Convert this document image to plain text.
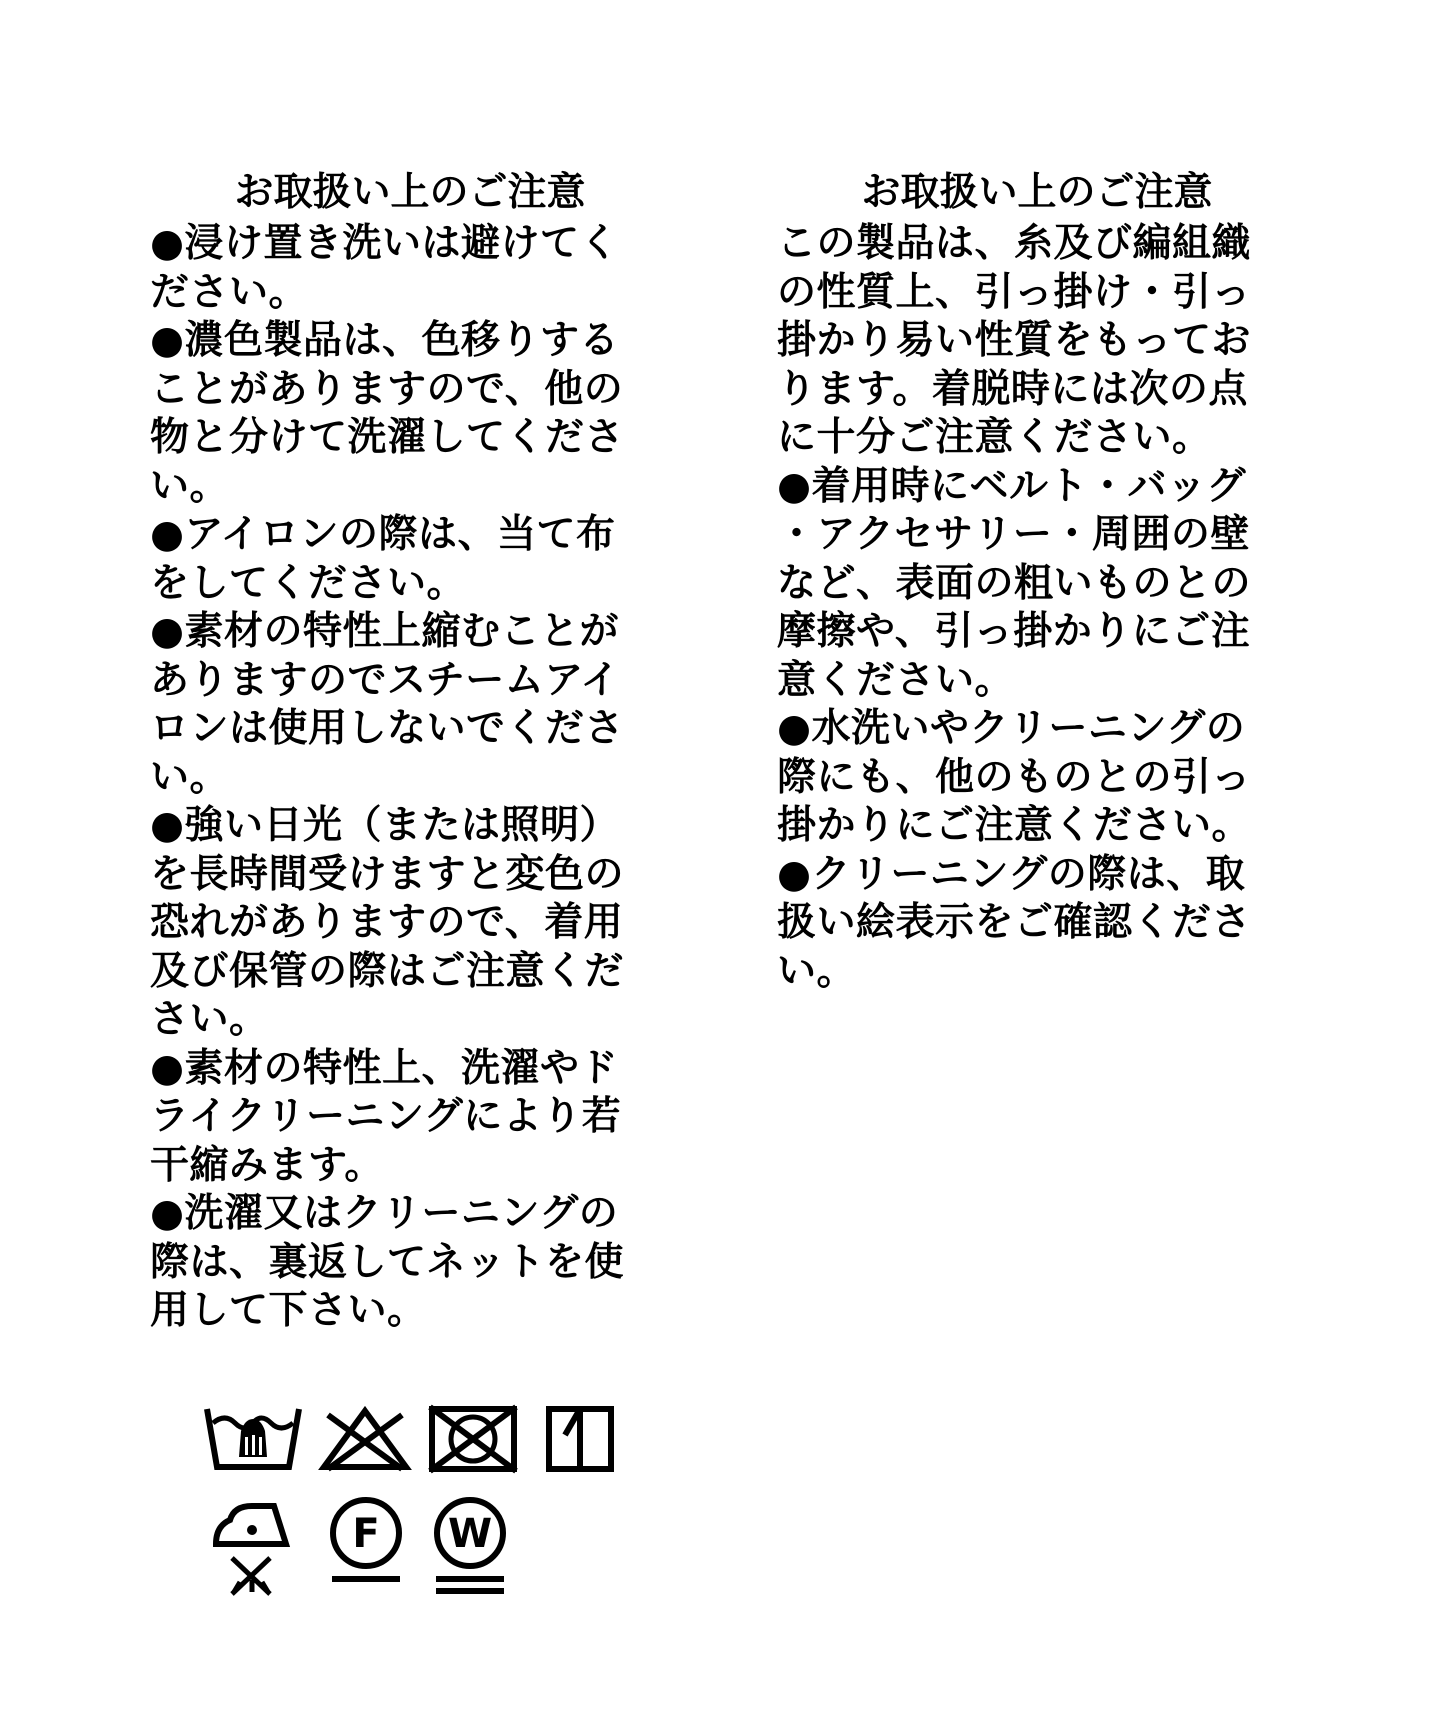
お取扱い上のご注意
●浸け置き洗いは避けてく
ださい。
●濃色製品は、色移りする
ことがありますので、他の
物と分けて洗濯してくださ
い。
●アイロンの際は、当て布
をしてください。
●素材の特性上縮むことが
ありますのでスチームアイ
ロンは使用しないでくださ
い。
●強い日光（または照明）
を長時間受けますと変色の
恐れがありますので、着用
及び保管の際はご注意くだ
さい。
●素材の特性上、洗濯やド
ライクリーニングにより若
干縮みます。
●洗濯又はクリーニングの
際は、裏返してネットを使
用して下さい。
お取扱い上のご注意
この製品は、糸及び編組織
の性質上、引っ掛け・引っ
掛かり易い性質をもってお
ります。着脱時には次の点
に十分ご注意ください。
●着用時にベルト・バッグ
・アクセサリー・周囲の壁
など、表面の粗いものとの
摩擦や、引っ掛かりにご注
意ください。
●水洗いやクリーニングの
際にも、他のものとの引っ
掛かりにご注意ください。
●クリーニングの際は、取
扱い絵表示をご確認くださ
い。
F W
